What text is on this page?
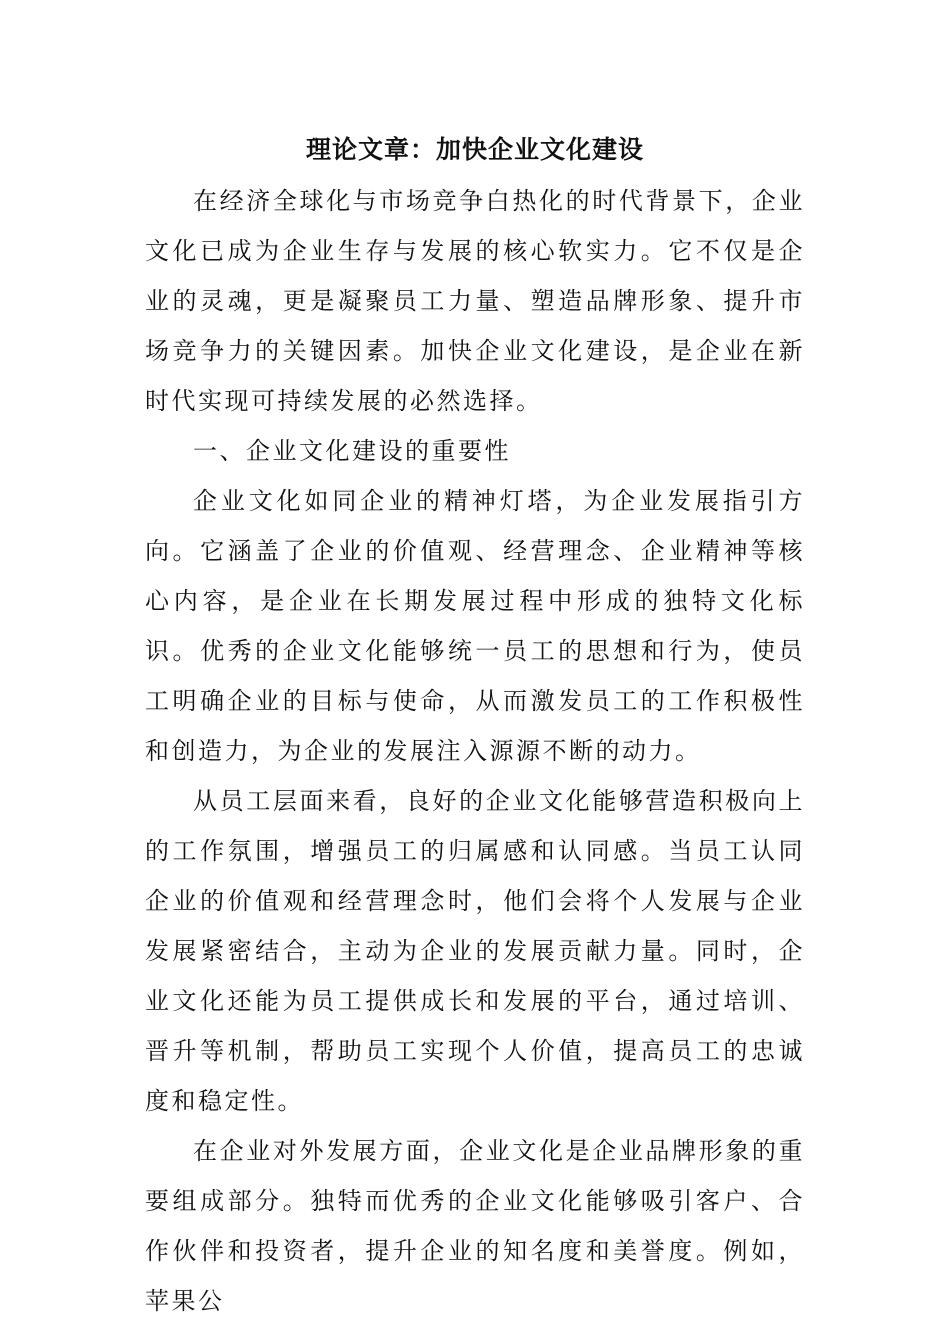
理论文章：加快企业文化建设

在经济全球化与市场竞争白热化的时代背景下，企业文化已成为企业生存与发展的核心软实力。它不仅是企业的灵魂，更是凝聚员工力量、塑造品牌形象、提升市场竞争力的关键因素。加快企业文化建设，是企业在新时代实现可持续发展的必然选择。

一、企业文化建设的重要性

企业文化如同企业的精神灯塔，为企业发展指引方向。它涵盖了企业的价值观、经营理念、企业精神等核心内容，是企业在长期发展过程中形成的独特文化标识。优秀的企业文化能够统一员工的思想和行为，使员工明确企业的目标与使命，从而激发员工的工作积极性和创造力，为企业的发展注入源源不断的动力。

从员工层面来看，良好的企业文化能够营造积极向上的工作氛围，增强员工的归属感和认同感。当员工认同企业的价值观和经营理念时，他们会将个人发展与企业发展紧密结合，主动为企业的发展贡献力量。同时，企业文化还能为员工提供成长和发展的平台，通过培训、晋升等机制，帮助员工实现个人价值，提高员工的忠诚度和稳定性。

在企业对外发展方面，企业文化是企业品牌形象的重要组成部分。独特而优秀的企业文化能够吸引客户、合作伙伴和投资者，提升企业的知名度和美誉度。例如，苹果公
